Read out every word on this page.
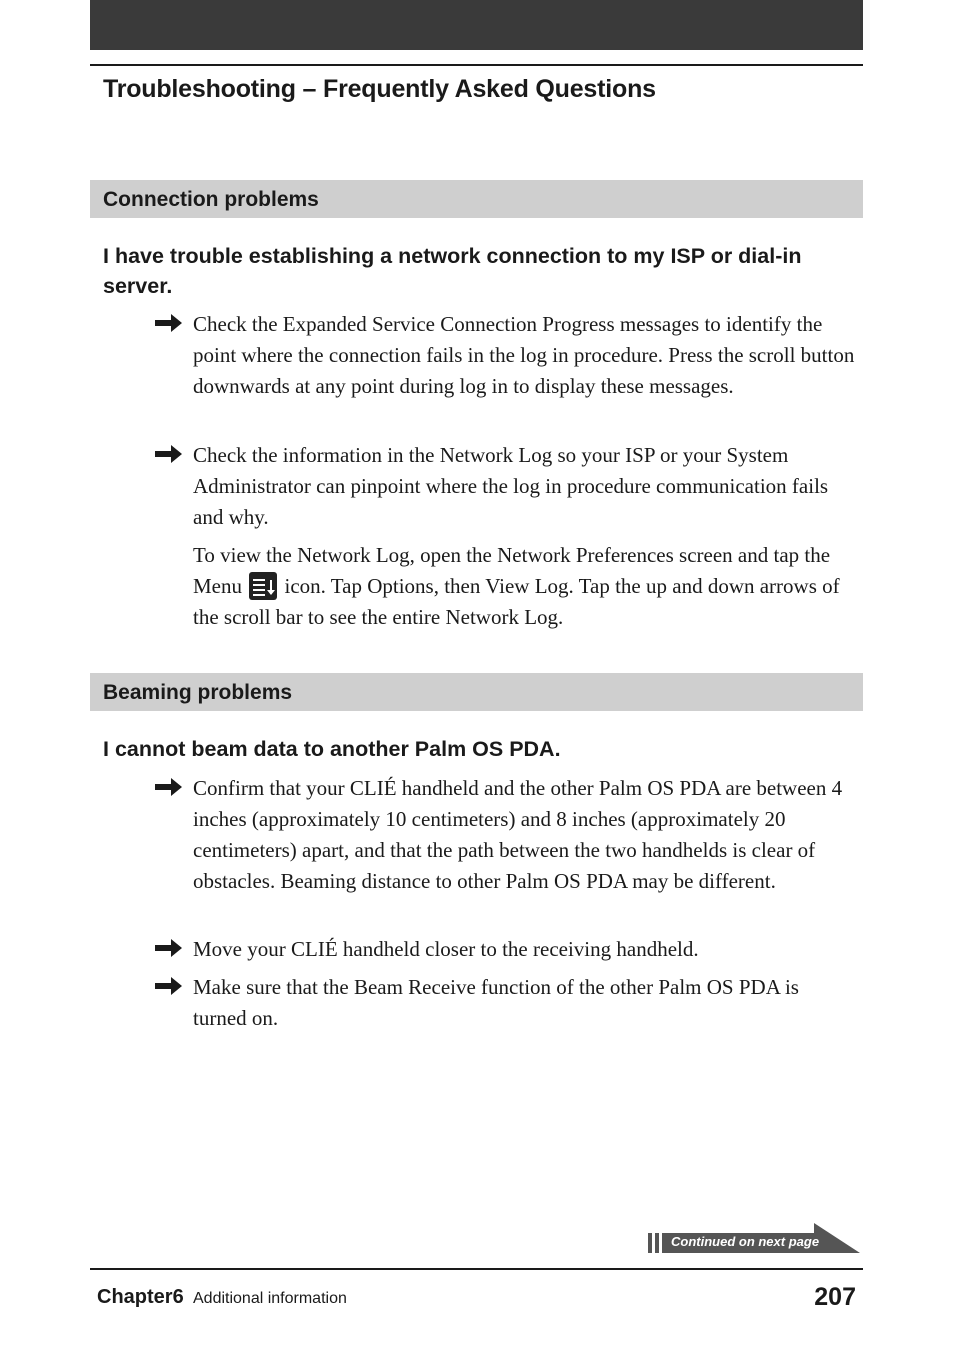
Troubleshooting – Frequently Asked Questions
Connection problems
I have trouble establishing a network connection to my ISP or dial-in server.

Check the Expanded Service Connection Progress messages to identify the point where the connection fails in the log in procedure. Press the scroll button downwards at any point during log in to display these messages.

Check the information in the Network Log so your ISP or your System Administrator can pinpoint where the log in procedure communication fails and why.

To view the Network Log, open the Network Preferences screen and tap the Menu icon. Tap Options, then View Log. Tap the up and down arrows of the scroll bar to see the entire Network Log.

Beaming problems
I cannot beam data to another Palm OS PDA.

Confirm that your CLIÉ handheld and the other Palm OS PDA are between 4 inches (approximately 10 centimeters) and 8 inches (approximately 20 centimeters) apart, and that the path between the two handhelds is clear of obstacles. Beaming distance to other Palm OS PDA may be different.

Move your CLIÉ handheld closer to the receiving handheld.

Make sure that the Beam Receive function of the other Palm OS PDA is turned on.

Continued on next page
Chapter6 Additional information	207
